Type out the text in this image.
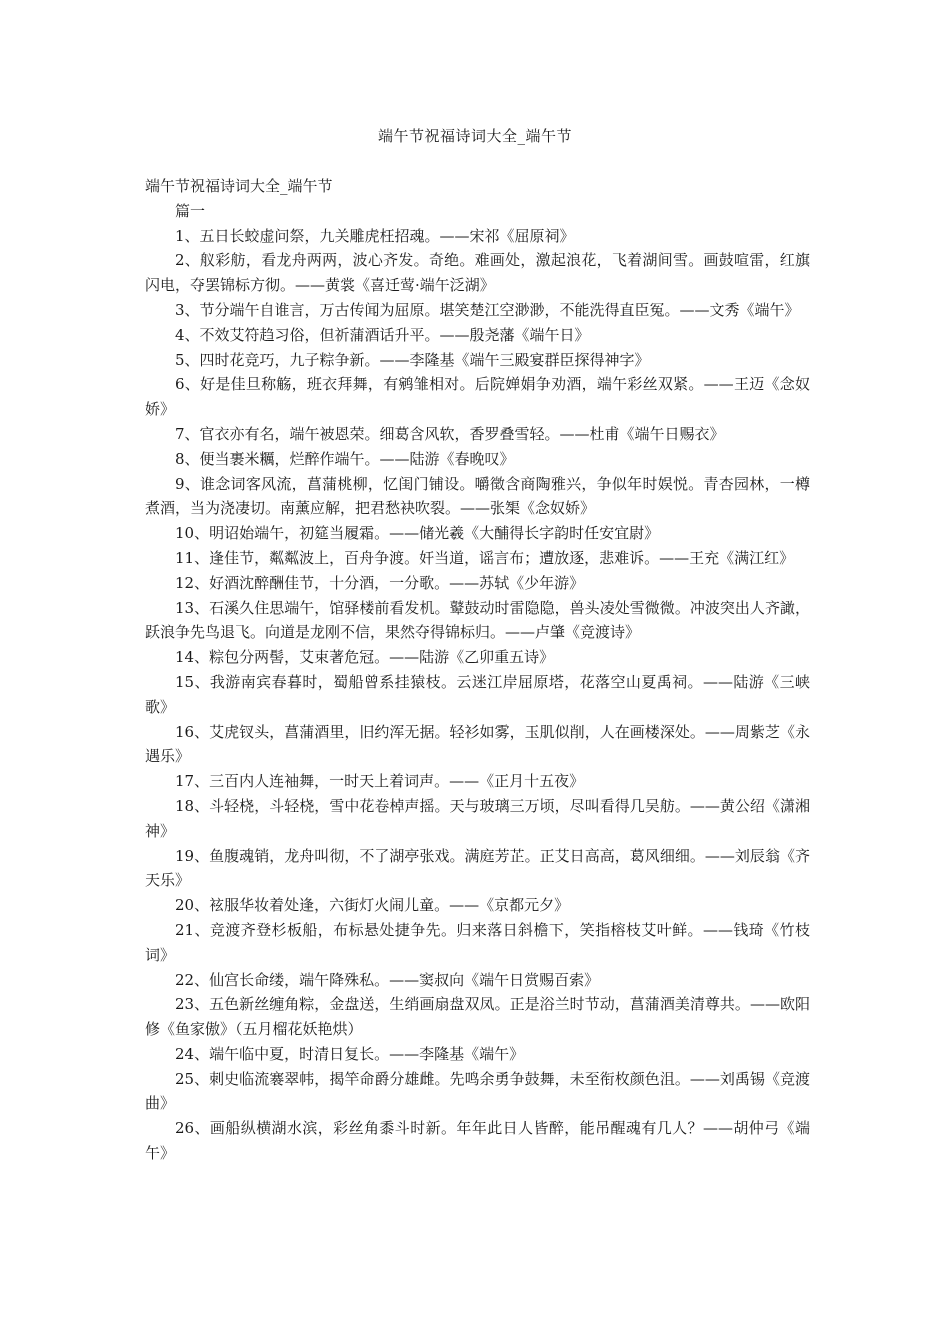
端午节祝福诗词大全_端午节

端午节祝福诗词大全_端午节

篇一

1、五日长蛟虚问祭，九关雕虎枉招魂。——宋祁《屈原祠》

2、舣彩舫，看龙舟两两，波心齐发。奇绝。难画处，激起浪花，飞着湖间雪。画鼓喧雷，红旗闪电，夺罢锦标方彻。——黄裳《喜迁莺·端午泛湖》

3、节分端午自谁言，万古传闻为屈原。堪笑楚江空渺渺，不能洗得直臣冤。——文秀《端午》

4、不效艾符趋习俗，但祈蒲酒话升平。——殷尧藩《端午日》

5、四时花竞巧，九子粽争新。——李隆基《端午三殿宴群臣探得神字》

6、好是佳旦称觞，班衣拜舞，有鹓雏相对。后院婵娟争劝酒，端午彩丝双紧。——王迈《念奴娇》

7、官衣亦有名，端午被恩荣。细葛含风软，香罗叠雪轻。——杜甫《端午日赐衣》

8、便当裹米糲，烂醉作端午。——陆游《春晚叹》

9、谁念词客风流，菖蒲桃柳，忆闺门铺设。嚼徵含商陶雅兴，争似年时娱悦。青杏园林，一樽煮酒，当为浇凄切。南薰应解，把君愁袂吹裂。——张榘《念奴娇》

10、明诏始端午，初筵当履霜。——储光羲《大酺得长字韵时任安宜尉》

11、逢佳节，粼粼波上，百舟争渡。奸当道，谣言布；遭放逐，悲难诉。——王充《满江红》

12、好酒沈醉酬佳节，十分酒，一分歌。——苏轼《少年游》

13、石溪久住思端午，馆驿楼前看发机。鼙鼓动时雷隐隐，兽头凌处雪微微。冲波突出人齐譀，跃浪争先鸟退飞。向道是龙刚不信，果然夺得锦标归。——卢肇《竞渡诗》

14、粽包分两髻，艾束著危冠。——陆游《乙卯重五诗》

15、我游南宾春暮时，蜀船曾系挂猿枝。云迷江岸屈原塔，花落空山夏禹祠。——陆游《三峡歌》

16、艾虎钗头，菖蒲酒里，旧约浑无据。轻衫如雾，玉肌似削，人在画楼深处。——周紫芝《永遇乐》

17、三百内人连袖舞，一时天上着词声。——《正月十五夜》

18、斗轻桡，斗轻桡，雪中花卷棹声摇。天与玻璃三万顷，尽叫看得几吴舫。——黄公绍《潇湘神》

19、鱼腹魂销，龙舟叫彻，不了湖亭张戏。满庭芳芷。正艾日高高，葛风细细。——刘辰翁《齐天乐》

20、袨服华妆着处逢，六街灯火闹儿童。——《京都元夕》

21、竞渡齐登杉板船，布标悬处捷争先。归来落日斜檐下，笑指榕枝艾叶鲜。——钱琦《竹枝词》

22、仙宫长命缕，端午降殊私。——窦叔向《端午日赏赐百索》

23、五色新丝缠角粽，金盘送，生绡画扇盘双凤。正是浴兰时节动，菖蒲酒美清尊共。——欧阳修《鱼家傲》（五月榴花妖艳烘）

24、端午临中夏，时清日复长。——李隆基《端午》

25、刺史临流褰翠帏，揭竿命爵分雄雌。先鸣余勇争鼓舞，未至衔枚颜色沮。——刘禹锡《竞渡曲》

26、画船纵横湖水滨，彩丝角黍斗时新。年年此日人皆醉，能吊醒魂有几人？——胡仲弓《端午》
